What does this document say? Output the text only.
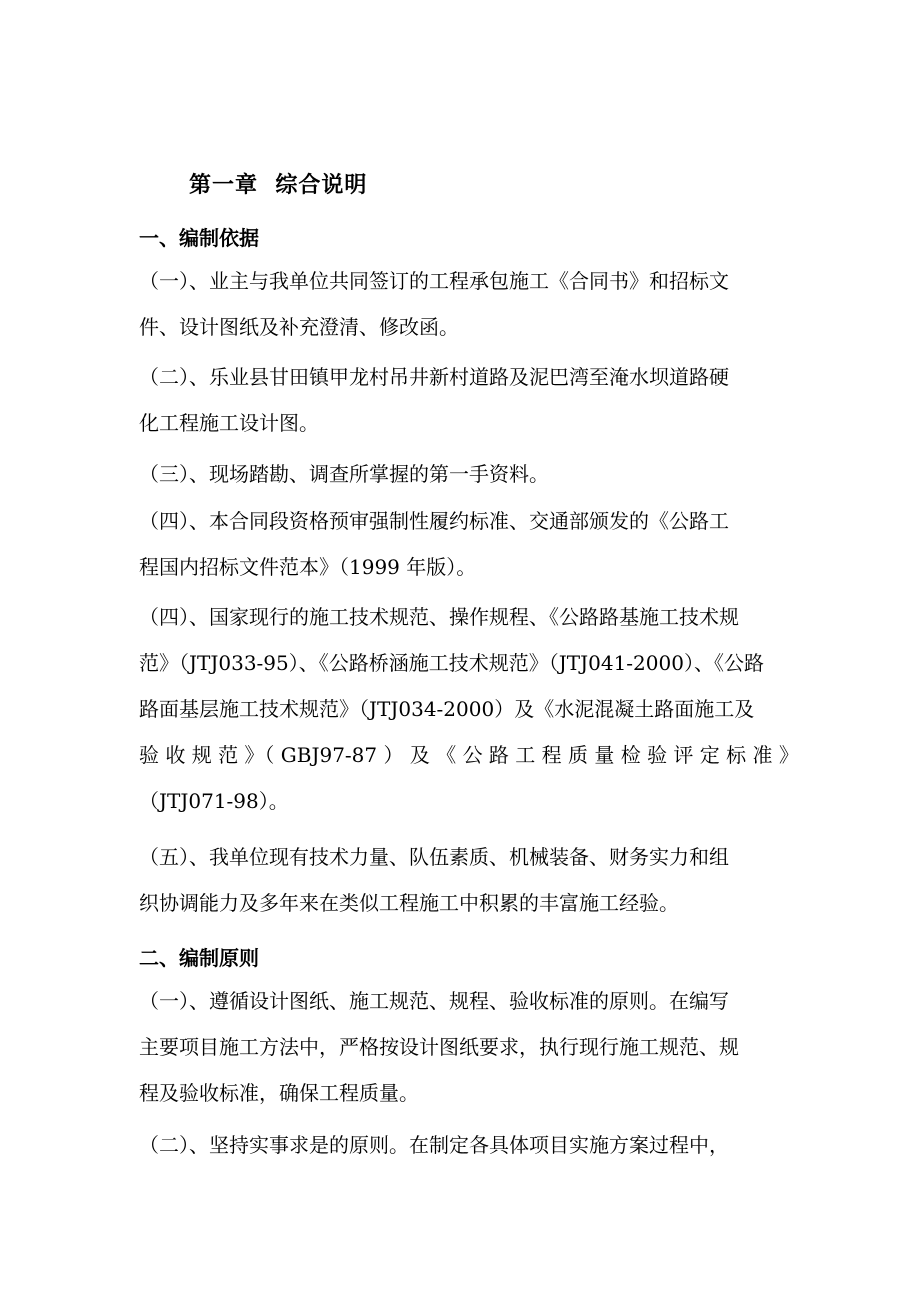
第一章  综合说明
一、编制依据
（一）、业主与我单位共同签订的工程承包施工《合同书》和招标文
件、设计图纸及补充澄清、修改函。
（二）、乐业县甘田镇甲龙村吊井新村道路及泥巴湾至淹水坝道路硬
化工程施工设计图。
（三）、现场踏勘、调查所掌握的第一手资料。
（四）、本合同段资格预审强制性履约标准、交通部颁发的《公路工
程国内招标文件范本》（1999 年版）。
（四）、国家现行的施工技术规范、操作规程、《公路路基施工技术规
范》（JTJ033-95）、《公路桥涵施工技术规范》（JTJ041-2000）、《公路
路面基层施工技术规范》（JTJ034-2000）及《水泥混凝土路面施工及
验 收 规 范 》（ GBJ97-87 ） 及 《 公 路 工 程 质 量 检 验 评 定 标 准 》
（JTJ071-98）。
（五）、我单位现有技术力量、队伍素质、机械装备、财务实力和组
织协调能力及多年来在类似工程施工中积累的丰富施工经验。
二、编制原则
（一）、遵循设计图纸、施工规范、规程、验收标准的原则。在编写
主要项目施工方法中，严格按设计图纸要求，执行现行施工规范、规
程及验收标准，确保工程质量。
（二）、坚持实事求是的原则。在制定各具体项目实施方案过程中，
